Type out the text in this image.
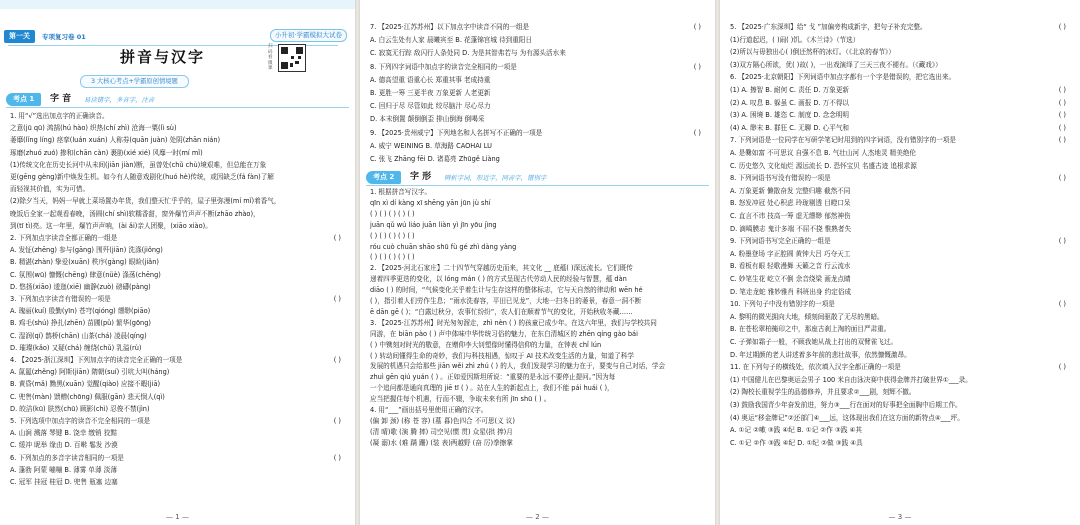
第一关	专项复习卷 01	小升初·学霸模拟大试卷
拼音与汉字
扫码看微课
3 大核心考点+学霸原创情境题
考点 1	字 音 易读错字，多音字，注音
1. 用“√”选出加点字的正确读音。
之意(jū qū) 鸿鹄(hú hào) 织热(chí zhì) 沧海一粟(lì sù)
萎靡(lǐng líng) 痉挛(luán xuán) 人称券(quān juàn) 处阴(zhān nián)
琢磨(zhuó zuó) 掺和(chān càn) 裹胁(xié xié) 风靡一时(mí mǐ)
(1)传统文化在历史长河中从未间(jiān jiàn)断，虽曾处(chǔ chù)境艰难，但总能在万象
更(gēng gèng)新中焕发生机。如今有人随意戏剧化(huó hè)传统，或因缺乏(fá fàn)了解
而轻视其价值，实为可惜。
(2)除夕当天，妈妈一早就上菜场置办年货，我们整天忙乎乎的，屋子里弥漫(mí mǐ)着香气，
晚饭后全家一起观看春晚，汤圆(chí shì)软糯香甜，窗外爆竹声声不断(zhāo zhào)，
到(tī tì)亮。这一年里，爆竹声声响，(ài ǎi)亲人团聚，(xiāo xiào)。
2. 下列加点字读音全都正确的一组是	( )
A. 发怔(zhēng) 参与(gāng) 围歼(jiān) 洗涤(jiǒng)
B. 精湛(zhàn) 挚爱(xuān) 秩序(gàng) 眼睑(jiǎn)
C. 氛围(wū) 慷慨(chēng) 肆意(nüè) 涤荡(chēng)
D. 悠扬(xiāo) 逶迤(xiē) 幽静(zuò) 磅礴(pàng)
3. 下列加点字读音有错误的一项是	( )
A. 瑰丽(kuí) 殷勤(yīn) 苍穹(qióng) 缥缈(piāo)
B. 鸡毛(shú) 挣扎(zhēn) 苗圃(pǔ) 繁华(gōng)
C. 湿润(qí) 鹊桥(chān) 山茶(chá) 凌晨(qíng)
D. 璀璨(kǎo) 又疑(chá) 缠绕(chǔ) 乳溢(rù)
4. 【2025·浙江深圳】下列加点字的读音完全正确的一项是	( )
A. 氤氲(zhěng) 阿斯(jiān) 隋朝(suí) 引吭大叫(háng)
B. 黄昏(mǎ) 黝黑(xuān) 觉醒(qiào) 应接不暇(jiā)
C. 兜售(màn) 馈赠(chōng) 佩服(gān) 悲天悯人(qì)
D. 皎洁(kū) 肤然(chū) 顾影(chì) 忍俊不禁(jìn)
5. 下列选项中加点字的读音不完全相同的一项是	( )
A. 山涧 溅落 琴键 B. 饶幸 缴销 狡黠
C. 缓冲 昵举 缘由 D. 百啭 鬈发 沙漠
6. 下列加点的多音字读音相同的一项是	( )
A. 蓬勃 阿蒙 嘣嘣 B. 薄雾 单薄 淡薄
C. 冠军 挂冠 桂冠 D. 兜售 瓶塞 边塞
— 1 —
7. 【2025·江苏苏州】以下加点字中读音不同的一组是	( )
A. 白云生处有人家 晨曦宾至 B. 花蓬锦宫城 待到重阳日
C. 寂寞无行踪 敌闪行人条处同 D. 为是其智弗若与 为有源头活水来
8. 下列四字词语中加点字的读音完全相同的一项是	( )
A. 德高望重 语重心长 郑重其事 老成持重
B. 更胜一筹 三更半夜 万象更新 人老更新
C. 回归于尽 尽管如此 绞尽脑汁 尽心尽力
D. 本末倒置 颠倒倒歪 排山倒海 倒喝采
9. 【2025·贵州威宁】下列地名和人名拼写不正确的一项是	( )
A. 威宁 WEINING B. 草海路 CAOHAI LU
C. 张飞 Zhāng fēi D. 诸葛亮 Zhūgě Liàng
考点 2	字 形 辨析字词，形近字，同音字，错别字
1. 根据拼音写汉字。
qīn xì dí kàng xī shēng yān jūn jù shí
( ) ( ) ( ) ( ) ( )
juān qǔ wú liáo juān liàn yì jīn yōu jìng
( ) ( ) ( ) ( ) ( )
róu cuò chuān shāo shū fù gé zhì dàng yàng
( ) ( ) ( ) ( ) ( )
2. 【2025·河北石家庄】二十四节气穿越历史而来，其文化 __ 底蕴( )深远流长。它们既传
递着四季更迭的变化，以 lóng mán ( ) 的方式呈现古代劳动人民的经验与智慧，蕴 dàn
diāo ( ) 的时间，“气候变化关乎着生计与生存这样的整体标志，它与天自然的律动和 wēn hé
( )，指引着人们劳作生息；“雨水洗春容，平田已见龙”，大地一扫冬日的萎景，春意一洞不断
ē dān gē ( )；“白露过秋分，农事忙纷纷”，农人们在顺着节气的变化，开始秋收冬藏……
3. 【2025·江苏苏州】时光匆匆溜走，zhì nèn ( ) 的孩童已成少年。在这六年里，我们与学校共同
同游，在 biān pào ( ) 声中体味中华传统习俗的魅力，在东白清城区的 zhēn qíng gào bái
( ) 中镌刻对时光的敬意，在赠仰李大钊塑像时懂得信仰的力量，在钟表 chǐ lún
( ) 转动间懂得生命的奇妙，我们与科技相遇，惊叹于 AI 技术改变生活的力量，知道了科学
发展的机遇只会给那些 jiān wěi zhì zhú ( ) 的人，我们发现学习的魅力在于，要变与自己对话，学会
zhuì gēn qiú yuán ( ) 。正如爱因斯坦所说：“重要的是永远不要停止提问。”因为每
一个追问都是通向真理的 jiē tī ( ) 。站在人生的新起点上，我们不能 pái huái ( )，
应当把握住每个机遇，行而不辍，争取未来有所 jīn shū ( ) 。
4. 用“___”画出括号里使用正确的汉字。
(偏 卸 颈) (称 苍 容) (墓 暮)色四合 不可思(义 议)
(清 晴)歌 (演 腾 摔) 司空见(惯 贯) 众星(拱 捧)月
(凝 溺)水 (难 蹒 跚) (装 表)两越野 (奋 厉)拳擦掌
— 2 —
5. 【2025·广东深圳】给“ 戈 ”加偏旁构成新字，把句子补充完整。	( )
(1)行道起迟，( )闹( )饥。《木兰诗》（节选）
(2)所以与毋独出心( )倒还然杯的冰灯。（《北京的春节》）
(3)双方隔心所欲，优( )故( )，一出戏演绎了三天三夜不褪有。（《藏戏》）
6. 【2025·北京朝阳】下列词语中加点字都有一个字是错误的，把它选出来。
(1) A. 擦智 B. 耐何 C. 责任 D. 万象更新	( )
(2) A. 叹息 B. 躲虽 C. 画报 D. 万不得以	( )
(3) A. 困境 B. 雄恣 C. 制度 D. 念念明明	( )
(4) A. 缈末 B. 群狂 C. 无聊 D. 心平气和	( )
7. 下列词语是一位同学在写研学笔记时用到的四字词语，没有错别字的一项是	( )
A. 是爨如富 不可思议 自强不息 B. 气壮山河 人杰地灵 精美绝伦
C. 历史悠久 文化灿烂 源远流长 D. 恐怀宝贝 名盛古迹 追根求源
8. 下列词语书写没有错误的一项是	( )
A. 万象更新 懒散奋发 完整归趣 截然不同
B. 怒发冲冠 处心积虑 玲珑剔透 目瞪口呆
C. 直言不讳 技高一筹 虚无缥缈 郁然神伤
D. 滴噶膜志 鬼计多端 不屈不挠 惟熟者失
9. 下列词语书写完全正确的一组是	( )
A. 粉墨登场 字正腔圆 黄钟大吕 巧夺天工
B. 看板有眼 轻歌漫舞 天籁之音 行云流水
C. 妙笔生花 屹立不倒 余音绕梁 画龙点睛
D. 笔走龙蛇 雅妙雅肖 科班出身 约定俗成
10. 下列句子中没有错别字的一项是	( )
A. 黎明的微光拥向大地，倾刻间驱散了无尽的黑暗。
B. 在苍松翠柏掩印之中，那座古刹上淘的面目严肃重。
C. 子弹如霜子一般，不顾我她从战上打出的双臂雀飞过。
D. 年过期颜的老人讲述着多年前的悲壮故事，依然慷慨激昂。
11. 在下列句子的横线处，依次填入汉字全都正确的一项是	( )
(1) 中国健儿在巴黎奥运会男子 100 米自由泳决赛中获得金牌并打破世界①___录。
(2) 陶校长重视学生的品德修养，并且要求②___剧，刻辉不撤。
(3) 鼓励我国青少年奋发前进，努力③___行在面对的好事把全面胸中后期工作。
(4) 奥运“移金牌记”②还部门④___远，这体现出我们在这方面的新特点④___坪。
A. ①记 ②嗽 ③践 ④纪 B. ①记 ②作 ③践 ④其
C. ①记 ②作 ③践 ④纪 D. ①纪 ②做 ③践 ④具
— 3 —
